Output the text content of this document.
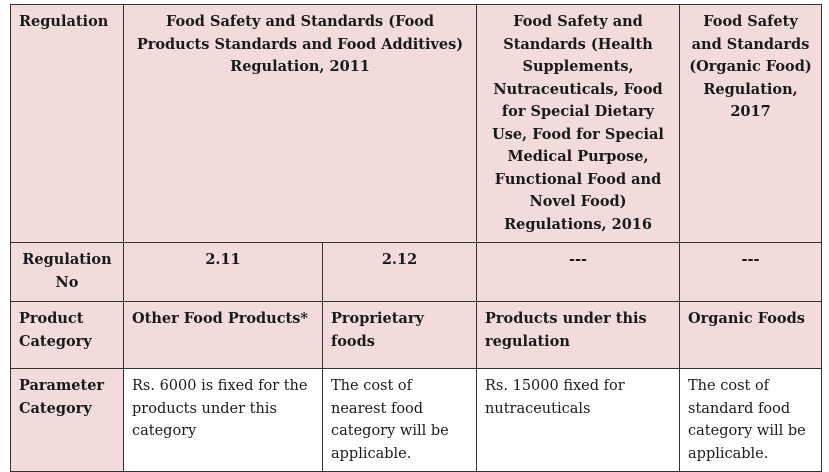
Regulation	Food Safety and Standards (Food Products Standards and Food Additives) Regulation, 2011		Food Safety and Standards (Health Supplements, Nutraceuticals, Food for Special Dietary Use, Food for Special Medical Purpose, Functional Food and Novel Food) Regulations, 2016	Food Safety and Standards (Organic Food) Regulation, 2017
Regulation No	2.11	2.12	---	---
Product Category	Other Food Products*	Proprietary foods	Products under this regulation	Organic Foods
Parameter Category	Rs. 6000 is fixed for the products under this category	The cost of nearest food category will be applicable.	Rs. 15000 fixed for nutraceuticals	The cost of standard food category will be applicable.
